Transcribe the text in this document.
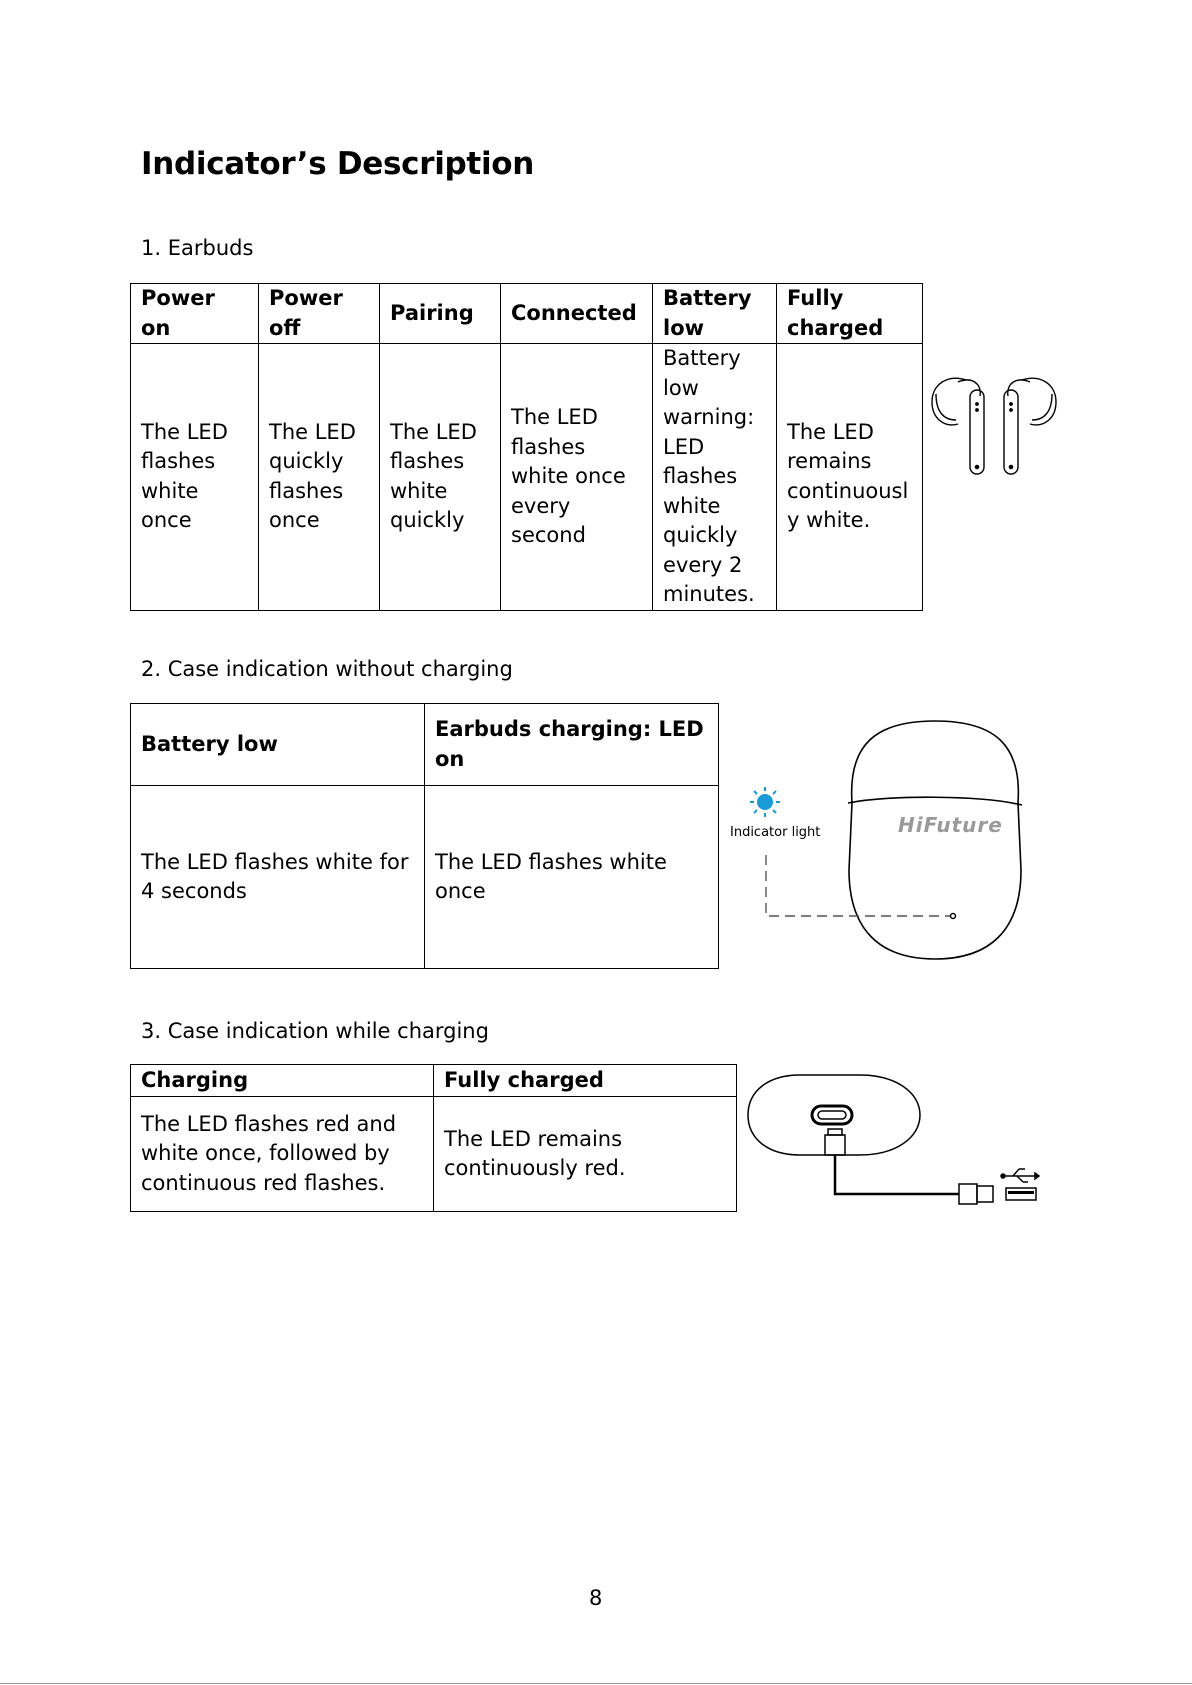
Indicator’s Description
1. Earbuds
Power on	Power off	Pairing	Connected	Battery low	Fully charged
The LED flashes white once	The LED quickly flashes once	The LED flashes white quickly	The LED flashes white once every second	Battery low warning: LED flashes white quickly every 2 minutes.	The LED remains continuously white.
2. Case indication without charging
Battery low	Earbuds charging: LED on
The LED flashes white for 4 seconds	The LED flashes white once
Indicator light	HiFuture
3. Case indication while charging
Charging	Fully charged
The LED flashes red and white once, followed by continuous red flashes.	The LED remains continuously red.
8
